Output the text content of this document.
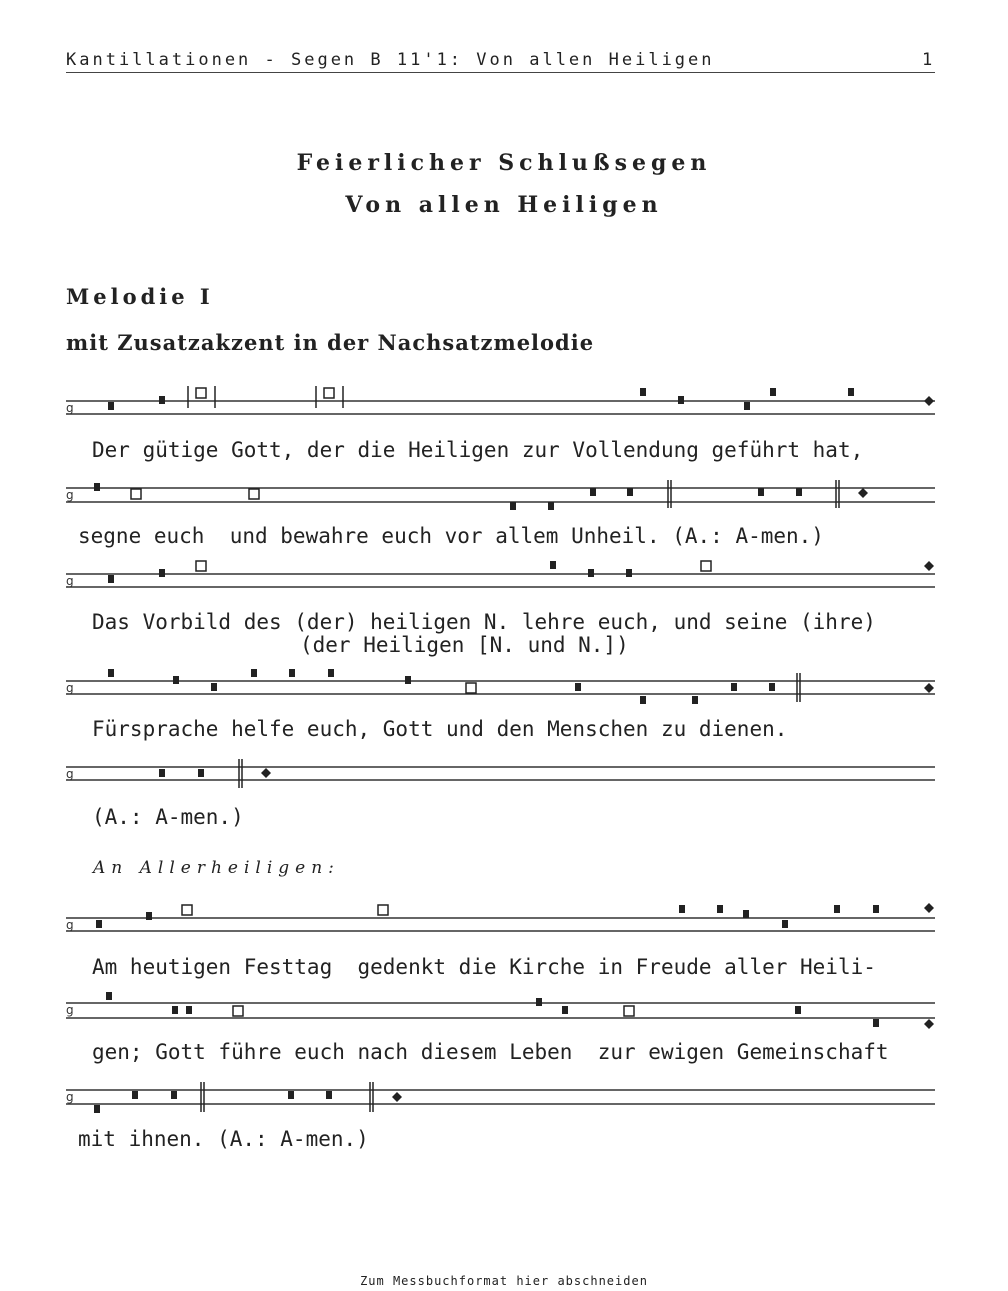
Kantillationen - Segen B 11'1: Von allen Heiligen	1
Feierlicher Schlußsegen
Von allen Heiligen
Melodie I
mit Zusatzakzent in der Nachsatzmelodie
g
g
g
g
g
g
g
g
Der gütige Gott, der die Heiligen zur Vollendung geführt hat,
segne euch  und bewahre euch vor allem Unheil. (A.: A-men.)
Das Vorbild des (der) heiligen N. lehre euch, und seine (ihre)
(der Heiligen [N. und N.])
Fürsprache helfe euch, Gott und den Menschen zu dienen.
(A.: A-men.)
An Allerheiligen:
Am heutigen Festtag  gedenkt die Kirche in Freude aller Heili-
gen; Gott führe euch nach diesem Leben  zur ewigen Gemeinschaft
mit ihnen. (A.: A-men.)
Zum Messbuchformat hier abschneiden
